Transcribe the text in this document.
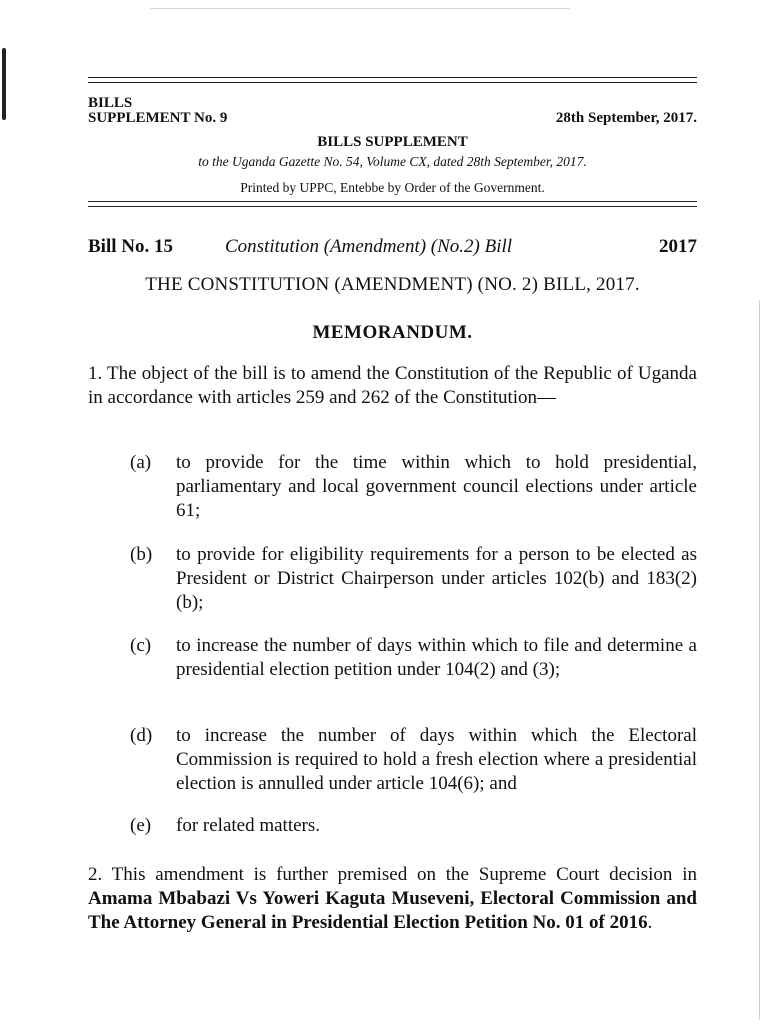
BILLS
SUPPLEMENT No. 9	28th September, 2017.
BILLS SUPPLEMENT
to the Uganda Gazette No. 54, Volume CX, dated 28th September, 2017.
Printed by UPPC, Entebbe by Order of the Government.
Bill No. 15	Constitution (Amendment) (No.2) Bill	2017
THE CONSTITUTION (AMENDMENT) (NO. 2) BILL, 2017.
MEMORANDUM.
1. The object of the bill is to amend the Constitution of the Republic of Uganda in accordance with articles 259 and 262 of the Constitution—
(a)	to provide for the time within which to hold presidential, parliamentary and local government council elections under article 61;
(b)	to provide for eligibility requirements for a person to be elected as President or District Chairperson under articles 102(b) and 183(2)(b);
(c)	to increase the number of days within which to file and determine a presidential election petition under 104(2) and (3);
(d)	to increase the number of days within which the Electoral Commission is required to hold a fresh election where a presidential election is annulled under article 104(6); and
(e)	for related matters.
2. This amendment is further premised on the Supreme Court decision in Amama Mbabazi Vs Yoweri Kaguta Museveni, Electoral Commission and The Attorney General in Presidential Election Petition No. 01 of 2016.
